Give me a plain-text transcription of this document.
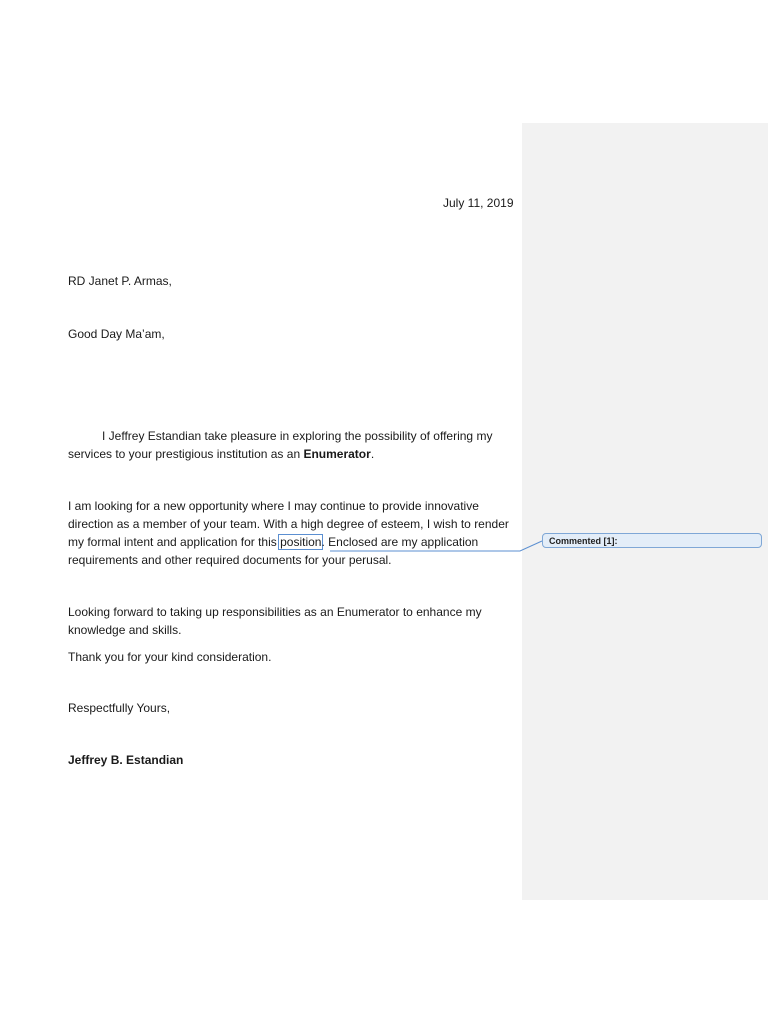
Commented [1]:
July 11, 2019
RD Janet P. Armas,
Good Day Ma’am,
I Jeffrey Estandian take pleasure in exploring the possibility of offering my services to your prestigious institution as an Enumerator.
I am looking for a new opportunity where I may continue to provide innovative direction as a member of your team. With a high degree of esteem, I wish to render my formal intent and application for this position. Enclosed are my application requirements and other required documents for your perusal.
Looking forward to taking up responsibilities as an Enumerator to enhance my knowledge and skills.
Thank you for your kind consideration.
Respectfully Yours,
Jeffrey B. Estandian
